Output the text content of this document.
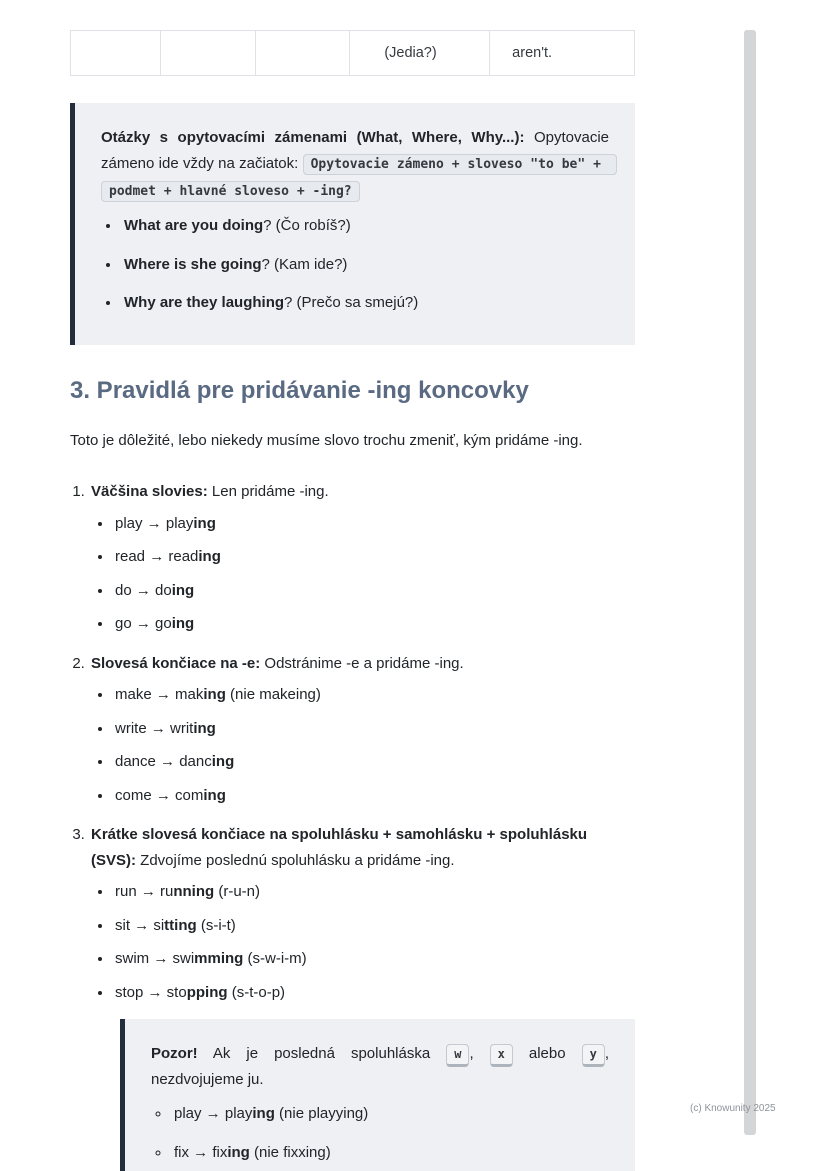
			(Jedia?)	aren't.

Otázky s opytovacími zámenami (What, Where, Why...): Opytovacie zámeno ide vždy na začiatok: Opytovacie zámeno + sloveso "to be" + podmet + hlavné sloveso + -ing?

• What are you doing? (Čo robíš?)
• Where is she going? (Kam ide?)
• Why are they laughing? (Prečo sa smejú?)
3. Pravidlá pre pridávanie -ing koncovky

Toto je dôležité, lebo niekedy musíme slovo trochu zmeniť, kým pridáme -ing.

1. Väčšina slovies: Len pridáme -ing.
• play → playing
• read → reading
• do → doing
• go → going
2. Slovesá končiace na -e: Odstránime -e a pridáme -ing.
• make → making (nie makeing)
• write → writing
• dance → dancing
• come → coming
3. Krátke slovesá končiace na spoluhlásku + samohlásku + spoluhlásku (SVS): Zdvojíme poslednú spoluhlásku a pridáme -ing.
• run → running (r-u-n)
• sit → sitting (s-i-t)
• swim → swimming (s-w-i-m)
• stop → stopping (s-t-o-p)

Pozor! Ak je posledná spoluhláska w , x alebo y , nezdvojujeme ju.

◦ play → playing (nie playying)
◦ fix → fixing (nie fixxing)
(c) Knowunity 2025
